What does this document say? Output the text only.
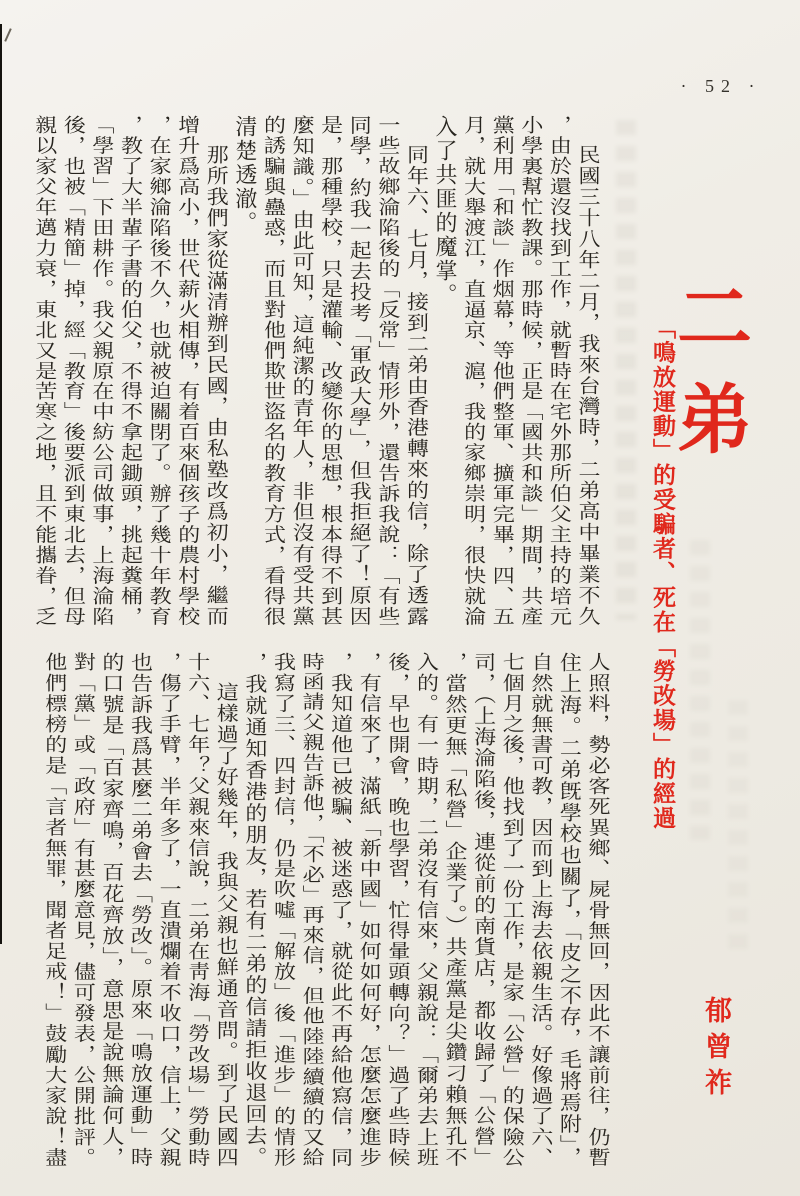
· 52 ·
二弟
「鳴放運動」的受騙者、死在「勞改場」的經過
郁曾祚
民國三十八年二月，我來台灣時，二弟高中畢業不久
，由於還沒找到工作，就暫時在宅外那所伯父主持的培元
小學裏幫忙教課。那時候，正是「國共和談」期間，共產
黨利用「和談」作烟幕，等他們整軍、擴軍完畢，四、五
月，就大舉渡江，直逼京、滬，我的家鄉崇明，很快就淪
入了共匪的魔掌。
同年六、七月，接到二弟由香港轉來的信，除了透露
一些故鄉淪陷後的「反常」情形外，還告訴我說：「有些
同學，約我一起去投考「軍政大學」，但我拒絕了！原因
是，那種學校，只是灌輸、改變你的思想，根本得不到甚
麼知識。」由此可知，這純潔的青年人，非但沒有受共黨
的誘騙與蠱惑，而且對他們欺世盜名的教育方式，看得很
清楚透澈。
那所我們家從滿清辦到民國，由私塾改爲初小，繼而
增升爲高小，世代薪火相傳，有着百來個孩子的農村學校
，在家鄉淪陷後不久，也就被迫關閉了。辦了幾十年教育
，教了大半輩子書的伯父，不得不拿起鋤頭，挑起糞桶，
「學習」下田耕作。我父親原在中紡公司做事，上海淪陷
後，也被「精簡」掉，經「教育」後要派到東北去，但母
親以家父年邁力衰，東北又是苦寒之地，且不能攜眷，乏
人照料，勢必客死異鄉、屍骨無回，因此不讓前往，仍暫
住上海。二弟旣學校也關了，「皮之不存，毛將焉附」，
自然就無書可教，因而到上海去依親生活。好像過了六、
七個月之後，他找到了一份工作，是家「公營」的保險公
司，（上海淪陷後，連從前的南貨店，都收歸了「公營」
，當然更無「私營」企業了。）共產黨是尖鑽刁賴無孔不
入的。有一時期，二弟沒有信來，父親說：「爾弟去上班
後，早也開會，晚也學習，忙得暈頭轉向？」過了些時候
，有信來了，滿紙「新中國」如何如何好，怎麼怎麼進步
，我知道他已被騙、被迷惑了，就從此不再給他寫信，同
時函請父親告訴他，「不必」再來信，但他陸陸續續的又給
我寫了三、四封信，仍是吹噓「解放」後「進步」的情形
，我就通知香港的朋友，若有二弟的信請拒收退回去。
這樣過了好幾年，我與父親也鮮通音問。到了民國四
十六、七年？父親來信說，二弟在靑海「勞改場」勞動時
，傷了手臂，半年多了，一直潰爛着不收口，信上，父親
也告訴我爲甚麼二弟會去「勞改」。原來「鳴放運動」時
的口號是「百家齊鳴，百花齊放」，意思是說無論何人，
對「黨」或「政府」有甚麼意見，儘可發表，公開批評。
他們標榜的是「言者無罪，聞者足戒！」鼓勵大家說！盡
